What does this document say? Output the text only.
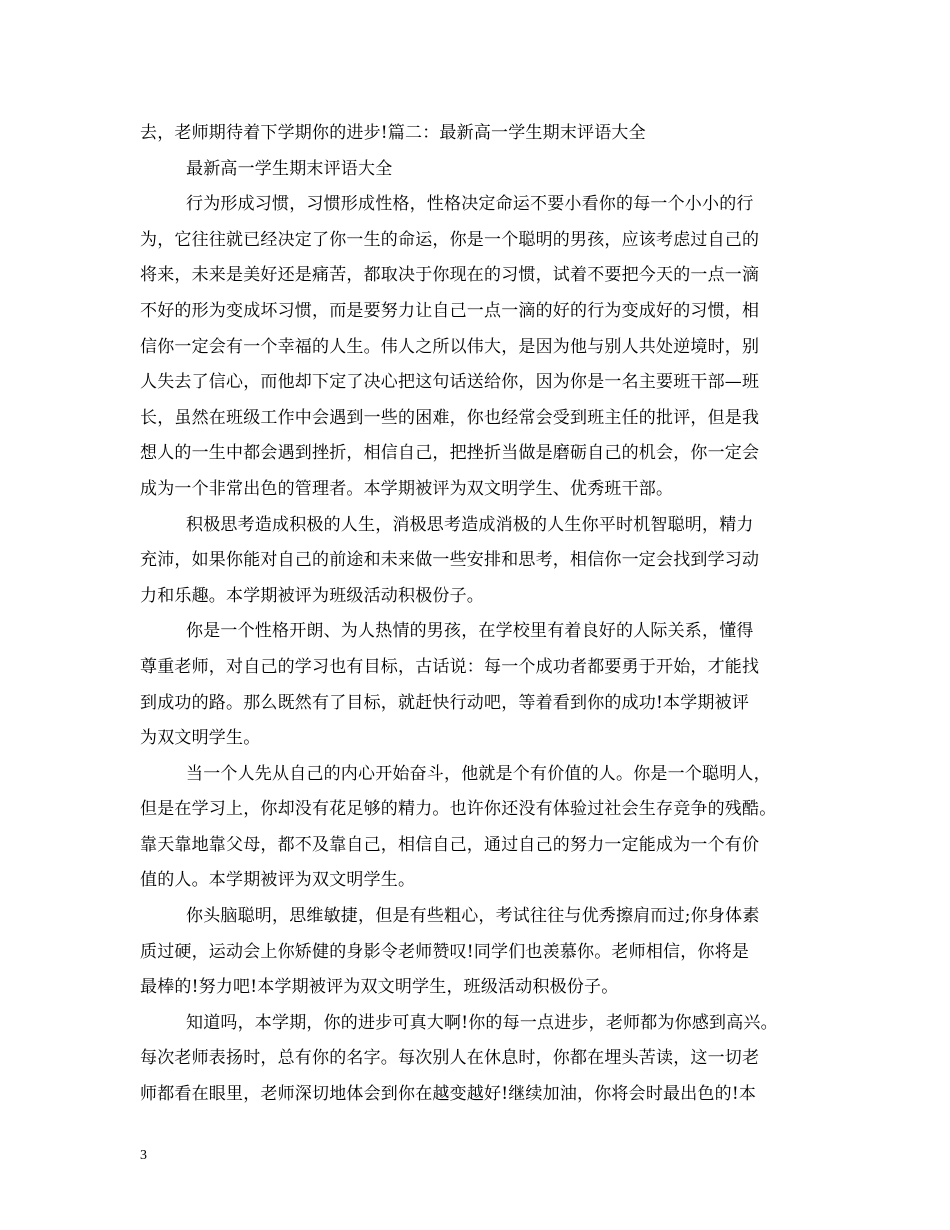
去，老师期待着下学期你的进步!篇二：最新高一学生期末评语大全
最新高一学生期末评语大全
行为形成习惯，习惯形成性格，性格决定命运不要小看你的每一个小小的行
为，它往往就已经决定了你一生的命运，你是一个聪明的男孩，应该考虑过自己的
将来，未来是美好还是痛苦，都取决于你现在的习惯，试着不要把今天的一点一滴
不好的形为变成坏习惯，而是要努力让自己一点一滴的好的行为变成好的习惯，相
信你一定会有一个幸福的人生。伟人之所以伟大，是因为他与别人共处逆境时，别
人失去了信心，而他却下定了决心把这句话送给你，因为你是一名主要班干部—班
长，虽然在班级工作中会遇到一些的困难，你也经常会受到班主任的批评，但是我
想人的一生中都会遇到挫折，相信自己，把挫折当做是磨砺自己的机会，你一定会
成为一个非常出色的管理者。本学期被评为双文明学生、优秀班干部。
积极思考造成积极的人生，消极思考造成消极的人生你平时机智聪明，精力
充沛，如果你能对自己的前途和未来做一些安排和思考，相信你一定会找到学习动
力和乐趣。本学期被评为班级活动积极份子。
你是一个性格开朗、为人热情的男孩，在学校里有着良好的人际关系，懂得
尊重老师，对自己的学习也有目标，古话说：每一个成功者都要勇于开始，才能找
到成功的路。那么既然有了目标，就赶快行动吧，等着看到你的成功!本学期被评
为双文明学生。
当一个人先从自己的内心开始奋斗，他就是个有价值的人。你是一个聪明人，
但是在学习上，你却没有花足够的精力。也许你还没有体验过社会生存竞争的残酷。
靠天靠地靠父母，都不及靠自己，相信自己，通过自己的努力一定能成为一个有价
值的人。本学期被评为双文明学生。
你头脑聪明，思维敏捷，但是有些粗心，考试往往与优秀擦肩而过;你身体素
质过硬，运动会上你矫健的身影令老师赞叹!同学们也羡慕你。老师相信，你将是
最棒的!努力吧!本学期被评为双文明学生，班级活动积极份子。
知道吗，本学期，你的进步可真大啊!你的每一点进步，老师都为你感到高兴。
每次老师表扬时，总有你的名字。每次别人在休息时，你都在埋头苦读，这一切老
师都看在眼里，老师深切地体会到你在越变越好!继续加油，你将会时最出色的!本
3
